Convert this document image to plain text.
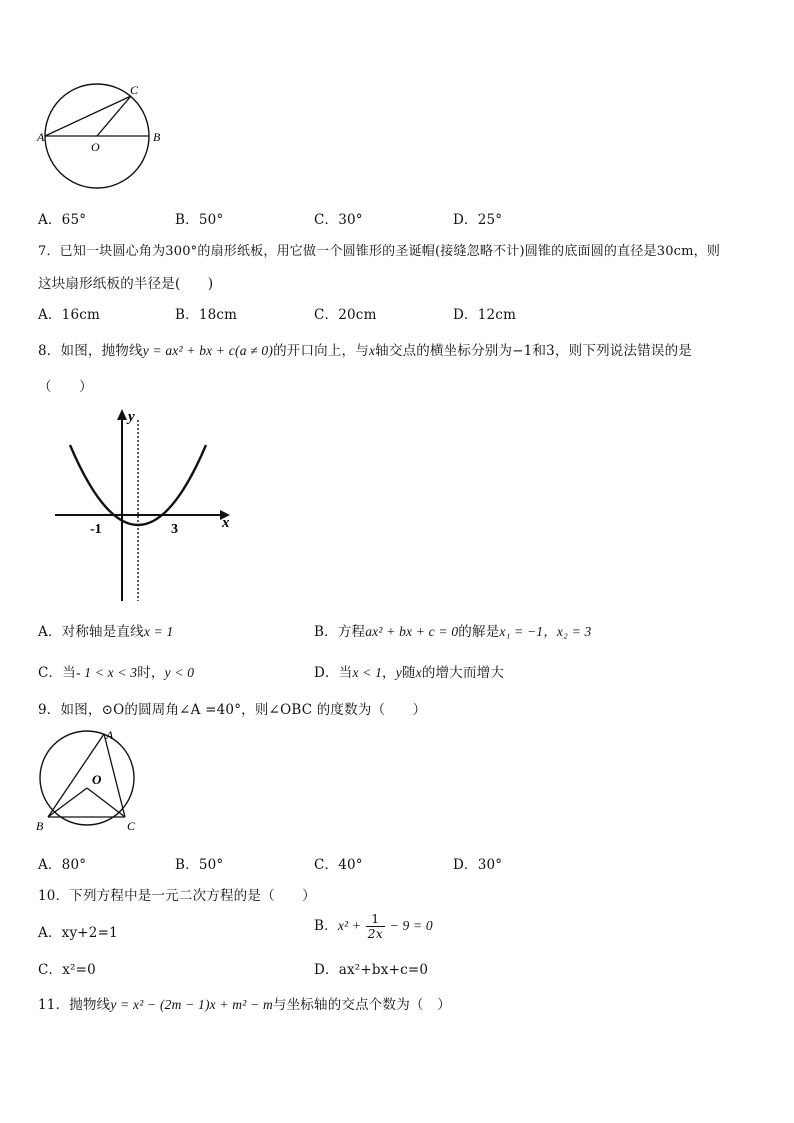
A	B
C
O
A．65°	B．50°	C．30°	D．25°
7．已知一块圆心角为300°的扇形纸板，用它做一个圆锥形的圣诞帽(接缝忽略不计)圆锥的底面圆的直径是30cm，则
这块扇形纸板的半径是(　　)
A．16cm	B．18cm	C．20cm	D．12cm
8．如图，抛物线y = ax² + bx + c(a ≠ 0)的开口向上，与x轴交点的横坐标分别为−1和3，则下列说法错误的是
（　　）
y
x
-1	3
A．对称轴是直线x = 1	B．方程ax² + bx + c = 0的解是x₁ = −1，x₂ = 3
C．当- 1 < x < 3时，y < 0	D．当x < 1，y随x的增大而增大
9．如图，⊙O的圆周角∠A =40°，则∠OBC 的度数为（　　）
A
O
B	C
A．80°	B．50°	C．40°	D．30°
10．下列方程中是一元二次方程的是（　　）
A．xy+2=1	B．$x^2 + \frac{1}{2x} - 9 = 0$
C．x²=0	D．ax²+bx+c=0
11．抛物线y = x² − (2m − 1)x + m² − m与坐标轴的交点个数为（　）
